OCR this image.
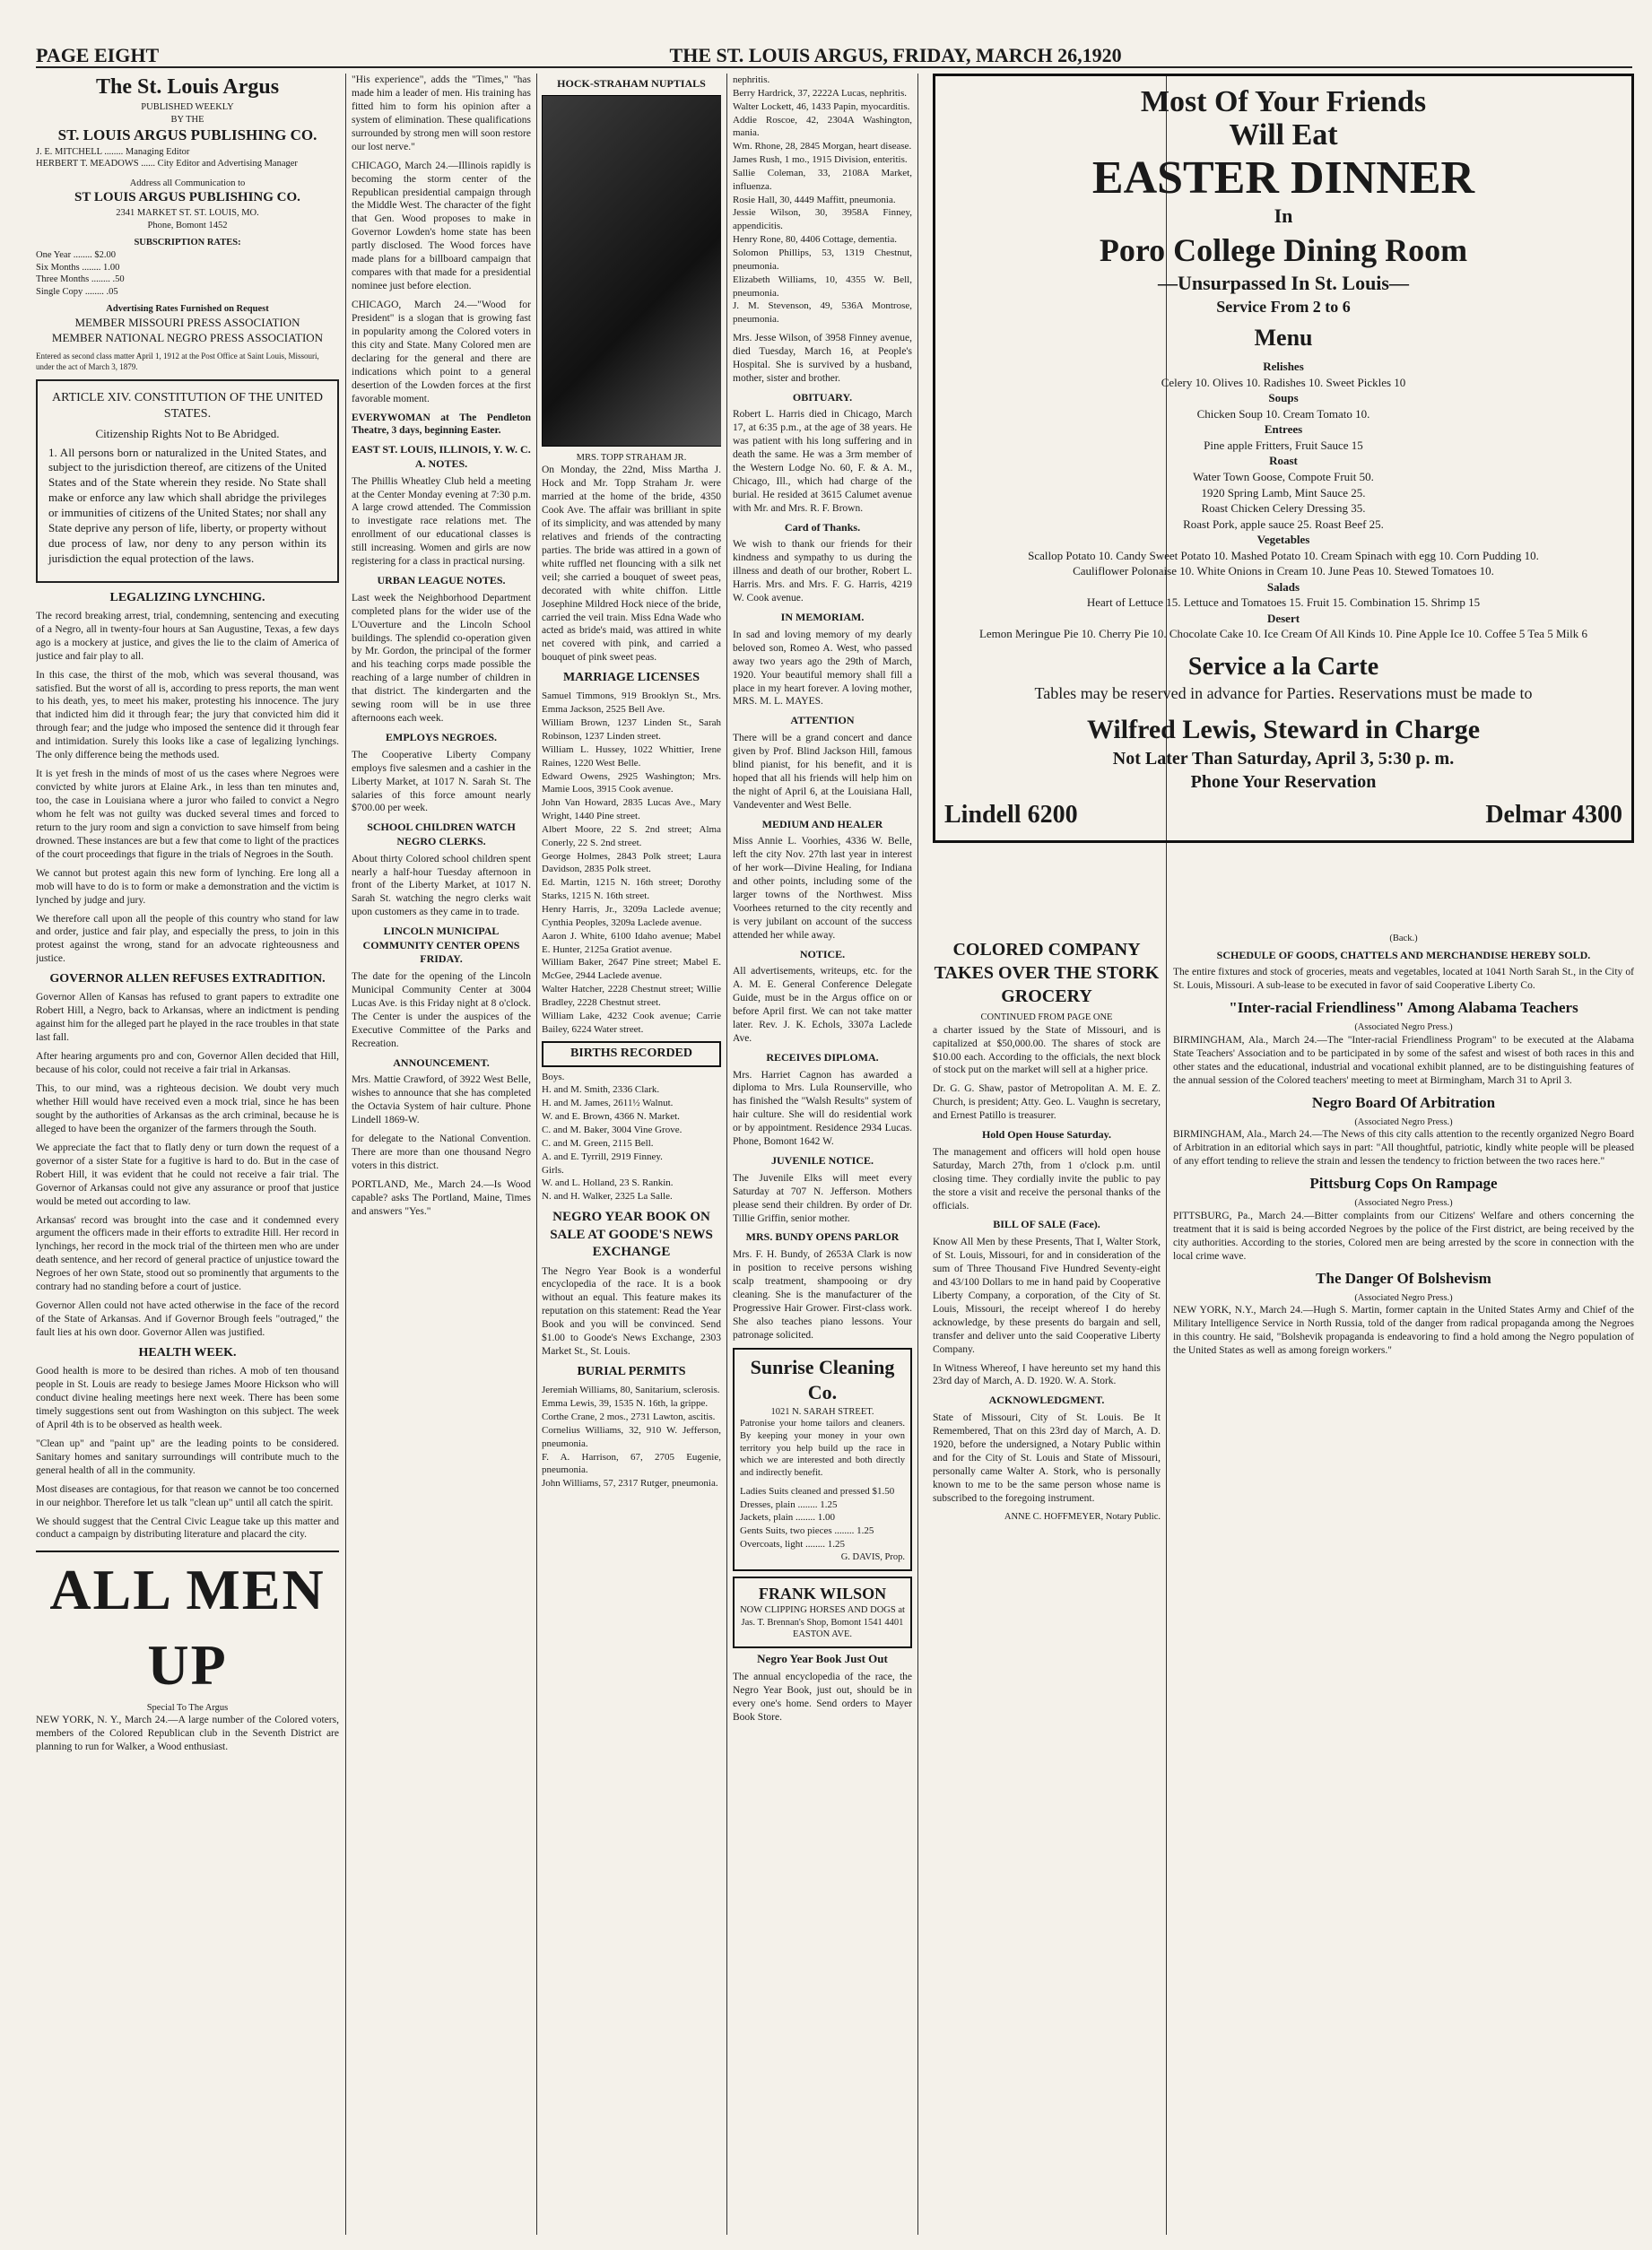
PAGE EIGHT	THE ST. LOUIS ARGUS, FRIDAY, MARCH 26,1920
The St. Louis Argus
PUBLISHED WEEKLY
BY THE
ST. LOUIS ARGUS PUBLISHING CO.
J. E. MITCHELL ........ Managing Editor
HERBERT T. MEADOWS ...... City Editor and Advertising Manager
Address all Communication to
ST LOUIS ARGUS PUBLISHING CO.
2341 MARKET ST. ST. LOUIS, MO.
Phone, Bomont 1452
SUBSCRIPTION RATES:
One Year ........ $2.00
Six Months ........ 1.00
Three Months ........ .50
Single Copy ........ .05
Advertising Rates Furnished on Request
MEMBER MISSOURI PRESS ASSOCIATION
MEMBER NATIONAL NEGRO PRESS ASSOCIATION
Entered as second class matter April 1, 1912 at the Post Office at Saint Louis, Missouri, under the act of March 3, 1879.
ARTICLE XIV. CONSTITUTION OF THE UNITED STATES.
Citizenship Rights Not to Be Abridged.

1. All persons born or naturalized in the United States, and subject to the jurisdiction thereof, are citizens of the United States and of the State wherein they reside. No State shall make or enforce any law which shall abridge the privileges or immunities of citizens of the United States; nor shall any State deprive any person of life, liberty, or property without due process of law, nor deny to any person within its jurisdiction the equal protection of the laws.

LEGALIZING LYNCHING.

The record breaking arrest, trial, condemning, sentencing and executing of a Negro, all in twenty-four hours at San Augustine, Texas, a few days ago is a mockery at justice, and gives the lie to the claim of America of justice and fair play to all.

In this case, the thirst of the mob, which was several thousand, was satisfied. But the worst of all is, according to press reports, the man went to his death, yes, to meet his maker, protesting his innocence. The jury that indicted him did it through fear; the jury that convicted him did it through fear; and the judge who imposed the sentence did it through fear and intimidation. Surely this looks like a case of legalizing lynchings. The only difference being the methods used.

It is yet fresh in the minds of most of us the cases where Negroes were convicted by white jurors at Elaine Ark., in less than ten minutes and, too, the case in Louisiana where a juror who failed to convict a Negro whom he felt was not guilty was ducked several times and forced to return to the jury room and sign a conviction to save himself from being drowned. These instances are but a few that come to light of the practices of the court proceedings that figure in the trials of Negroes in the South.

We cannot but protest again this new form of lynching. Ere long all a mob will have to do is to form or make a demonstration and the victim is lynched by judge and jury.

We therefore call upon all the people of this country who stand for law and order, justice and fair play, and especially the press, to join in this protest against the wrong, stand for an advocate righteousness and justice.

GOVERNOR ALLEN REFUSES EXTRADITION.

Governor Allen of Kansas has refused to grant papers to extradite one Robert Hill, a Negro, back to Arkansas, where an indictment is pending against him for the alleged part he played in the race troubles in that state last fall.

After hearing arguments pro and con, Governor Allen decided that Hill, because of his color, could not receive a fair trial in Arkansas.

This, to our mind, was a righteous decision. We doubt very much whether Hill would have received even a mock trial, since he has been sought by the authorities of Arkansas as the arch criminal, because he is alleged to have been the organizer of the farmers through the South.

We appreciate the fact that to flatly deny or turn down the request of a governor of a sister State for a fugitive is hard to do. But in the case of Robert Hill, it was evident that he could not receive a fair trial. The Governor of Arkansas could not give any assurance or proof that justice would be meted out according to law.

Arkansas' record was brought into the case and it condemned every argument the officers made in their efforts to extradite Hill. Her record in lynchings, her record in the mock trial of the thirteen men who are under death sentence, and her record of general practice of unjustice toward the Negroes of her own State, stood out so prominently that arguments to the contrary had no standing before a court of justice.

Governor Allen could not have acted otherwise in the face of the record of the State of Arkansas. And if Governor Brough feels "outraged," the fault lies at his own door. Governor Allen was justified.

HEALTH WEEK.

Good health is more to be desired than riches. A mob of ten thousand people in St. Louis are ready to besiege James Moore Hickson who will conduct divine healing meetings here next week. There has been some timely suggestions sent out from Washington on this subject. The week of April 4th is to be observed as health week.

"Clean up" and "paint up" are the leading points to be considered. Sanitary homes and sanitary surroundings will contribute much to the general health of all in the community.

Most diseases are contagious, for that reason we cannot be too concerned in our neighbor. Therefore let us talk "clean up" until all catch the spirit.

We should suggest that the Central Civic League take up this matter and conduct a campaign by distributing literature and placard the city.

ALL MEN UP
Special To The Argus

NEW YORK, N. Y., March 24.—A large number of the Colored voters, members of the Colored Republican club in the Seventh District are planning to run for Walker, a Wood enthusiast.

"His experience", adds the "Times," "has made him a leader of men. His training has fitted him to form his opinion after a system of elimination. These qualifications surrounded by strong men will soon restore our lost nerve."

CHICAGO, March 24.—Illinois rapidly is becoming the storm center of the Republican presidential campaign through the Middle West. The character of the fight that Gen. Wood proposes to make in Governor Lowden's home state has been partly disclosed. The Wood forces have made plans for a billboard campaign that compares with that made for a presidential nominee just before election.

CHICAGO, March 24.—"Wood for President" is a slogan that is growing fast in popularity among the Colored voters in this city and State. Many Colored men are declaring for the general and there are indications which point to a general desertion of the Lowden forces at the first favorable moment.

EVERYWOMAN at The Pendleton Theatre, 3 days, beginning Easter.

EAST ST. LOUIS, ILLINOIS, Y. W. C. A. NOTES.

The Phillis Wheatley Club held a meeting at the Center Monday evening at 7:30 p.m. A large crowd attended. The Commission to investigate race relations met. The enrollment of our educational classes is still increasing. Women and girls are now registering for a class in practical nursing.

URBAN LEAGUE NOTES.

Last week the Neighborhood Department completed plans for the wider use of the L'Ouverture and the Lincoln School buildings. The splendid co-operation given by Mr. Gordon, the principal of the former and his teaching corps made possible the reaching of a large number of children in that district. The kindergarten and the sewing room will be in use three afternoons each week.

EMPLOYS NEGROES.

The Cooperative Liberty Company employs five salesmen and a cashier in the Liberty Market, at 1017 N. Sarah St. The salaries of this force amount nearly $700.00 per week.

SCHOOL CHILDREN WATCH NEGRO CLERKS.

About thirty Colored school children spent nearly a half-hour Tuesday afternoon in front of the Liberty Market, at 1017 N. Sarah St. watching the negro clerks wait upon customers as they came in to trade.

LINCOLN MUNICIPAL COMMUNITY CENTER OPENS FRIDAY.

The date for the opening of the Lincoln Municipal Community Center at 3004 Lucas Ave. is this Friday night at 8 o'clock. The Center is under the auspices of the Executive Committee of the Parks and Recreation.

ANNOUNCEMENT.

Mrs. Mattie Crawford, of 3922 West Belle, wishes to announce that she has completed the Octavia System of hair culture. Phone Lindell 1869-W.

for delegate to the National Convention. There are more than one thousand Negro voters in this district.

PORTLAND, Me., March 24.—Is Wood capable? asks The Portland, Maine, Times and answers "Yes."

HOCK-STRAHAM NUPTIALS
MRS. TOPP STRAHAM JR.

On Monday, the 22nd, Miss Martha J. Hock and Mr. Topp Straham Jr. were married at the home of the bride, 4350 Cook Ave. The affair was brilliant in spite of its simplicity, and was attended by many relatives and friends of the contracting parties. The bride was attired in a gown of white ruffled net flouncing with a silk net veil; she carried a bouquet of sweet peas, decorated with white chiffon. Little Josephine Mildred Hock niece of the bride, carried the veil train. Miss Edna Wade who acted as bride's maid, was attired in white net covered with pink, and carried a bouquet of pink sweet peas.

MARRIAGE LICENSES

Samuel Timmons, 919 Brooklyn St., Mrs. Emma Jackson, 2525 Bell Ave.

William Brown, 1237 Linden St., Sarah Robinson, 1237 Linden street.

William L. Hussey, 1022 Whittier, Irene Raines, 1220 West Belle.

Edward Owens, 2925 Washington; Mrs. Mamie Loos, 3915 Cook avenue.

John Van Howard, 2835 Lucas Ave., Mary Wright, 1440 Pine street.

Albert Moore, 22 S. 2nd street; Alma Conerly, 22 S. 2nd street.

George Holmes, 2843 Polk street; Laura Davidson, 2835 Polk street.

Ed. Martin, 1215 N. 16th street; Dorothy Starks, 1215 N. 16th street.

Henry Harris, Jr., 3209a Laclede avenue; Cynthia Peoples, 3209a Laclede avenue.

Aaron J. White, 6100 Idaho avenue; Mabel E. Hunter, 2125a Gratiot avenue.

William Baker, 2647 Pine street; Mabel E. McGee, 2944 Laclede avenue.

Walter Hatcher, 2228 Chestnut street; Willie Bradley, 2228 Chestnut street.

William Lake, 4232 Cook avenue; Carrie Bailey, 6224 Water street.

BIRTHS RECORDED

Boys.

H. and M. Smith, 2336 Clark.

H. and M. James, 2611½ Walnut.

W. and E. Brown, 4366 N. Market.

C. and M. Baker, 3004 Vine Grove.

C. and M. Green, 2115 Bell.

A. and E. Tyrrill, 2919 Finney.

Girls.

W. and L. Holland, 23 S. Rankin.

N. and H. Walker, 2325 La Salle.

NEGRO YEAR BOOK ON SALE AT GOODE'S NEWS EXCHANGE

The Negro Year Book is a wonderful encyclopedia of the race. It is a book without an equal. This feature makes its reputation on this statement: Read the Year Book and you will be convinced. Send $1.00 to Goode's News Exchange, 2303 Market St., St. Louis.

BURIAL PERMITS

Jeremiah Williams, 80, Sanitarium, sclerosis.

Emma Lewis, 39, 1535 N. 16th, la grippe.

Corthe Crane, 2 mos., 2731 Lawton, ascitis.

Cornelius Williams, 32, 910 W. Jefferson, pneumonia.

F. A. Harrison, 67, 2705 Eugenie, pneumonia.

John Williams, 57, 2317 Rutger, pneumonia.

nephritis.

Berry Hardrick, 37, 2222A Lucas, nephritis.

Walter Lockett, 46, 1433 Papin, myocarditis.

Addie Roscoe, 42, 2304A Washington, mania.

Wm. Rhone, 28, 2845 Morgan, heart disease.

James Rush, 1 mo., 1915 Division, enteritis.

Sallie Coleman, 33, 2108A Market, influenza.

Rosie Hall, 30, 4449 Maffitt, pneumonia.

Jessie Wilson, 30, 3958A Finney, appendicitis.

Henry Rone, 80, 4406 Cottage, dementia.

Solomon Phillips, 53, 1319 Chestnut, pneumonia.

Elizabeth Williams, 10, 4355 W. Bell, pneumonia.

J. M. Stevenson, 49, 536A Montrose, pneumonia.

Mrs. Jesse Wilson, of 3958 Finney avenue, died Tuesday, March 16, at People's Hospital. She is survived by a husband, mother, sister and brother.

OBITUARY.

Robert L. Harris died in Chicago, March 17, at 6:35 p.m., at the age of 38 years. He was patient with his long suffering and in death the same. He was a 3rm member of the Western Lodge No. 60, F. & A. M., Chicago, Ill., which had charge of the burial. He resided at 3615 Calumet avenue with Mr. and Mrs. R. F. Brown.

Card of Thanks.

We wish to thank our friends for their kindness and sympathy to us during the illness and death of our brother, Robert L. Harris. Mrs. and Mrs. F. G. Harris, 4219 W. Cook avenue.

IN MEMORIAM.

In sad and loving memory of my dearly beloved son, Romeo A. West, who passed away two years ago the 29th of March, 1920. Your beautiful memory shall fill a place in my heart forever. A loving mother, MRS. M. L. MAYES.

ATTENTION

There will be a grand concert and dance given by Prof. Blind Jackson Hill, famous blind pianist, for his benefit, and it is hoped that all his friends will help him on the night of April 6, at the Louisiana Hall, Vandeventer and West Belle.

MEDIUM AND HEALER

Miss Annie L. Voorhies, 4336 W. Belle, left the city Nov. 27th last year in interest of her work—Divine Healing, for Indiana and other points, including some of the larger towns of the Northwest. Miss Voorhees returned to the city recently and is very jubilant on account of the success attended her while away.

NOTICE.

All advertisements, writeups, etc. for the A. M. E. General Conference Delegate Guide, must be in the Argus office on or before April first. We can not take matter later. Rev. J. K. Echols, 3307a Laclede Ave.

RECEIVES DIPLOMA.

Mrs. Harriet Cagnon has awarded a diploma to Mrs. Lula Rounserville, who has finished the "Walsh Results" system of hair culture. She will do residential work or by appointment. Residence 2934 Lucas. Phone, Bomont 1642 W.

JUVENILE NOTICE.

The Juvenile Elks will meet every Saturday at 707 N. Jefferson. Mothers please send their children. By order of Dr. Tillie Griffin, senior mother.

MRS. BUNDY OPENS PARLOR

Mrs. F. H. Bundy, of 2653A Clark is now in position to receive persons wishing scalp treatment, shampooing or dry cleaning. She is the manufacturer of the Progressive Hair Grower. First-class work. She also teaches piano lessons. Your patronage solicited.

Sunrise Cleaning Co.
1021 N. SARAH STREET.

Patronise your home tailors and cleaners. By keeping your money in your own territory you help build up the race in which we are interested and both directly and indirectly benefit.

Ladies Suits cleaned and pressed $1.50

Dresses, plain ........ 1.25

Jackets, plain ........ 1.00

Gents Suits, two pieces ........ 1.25

Overcoats, light ........ 1.25

G. DAVIS, Prop.
FRANK WILSON
NOW CLIPPING HORSES AND DOGS at Jas. T. Brennan's Shop, Bomont 1541 4401 EASTON AVE.
Negro Year Book Just Out

The annual encyclopedia of the race, the Negro Year Book, just out, should be in every one's home. Send orders to Mayer Book Store.

Most Of Your Friends
Will Eat
EASTER DINNER
In
Poro College Dining Room
—Unsurpassed In St. Louis—
Service From 2 to 6
Menu
Relishes
Celery 10. Olives 10. Radishes 10. Sweet Pickles 10
Soups
Chicken Soup 10. Cream Tomato 10.
Entrees
Pine apple Fritters, Fruit Sauce 15
Roast
Water Town Goose, Compote Fruit 50.
1920 Spring Lamb, Mint Sauce 25.
Roast Chicken Celery Dressing 35.
Roast Pork, apple sauce 25. Roast Beef 25.
Vegetables
Scallop Potato 10. Candy Sweet Potato 10. Mashed Potato 10. Cream Spinach with egg 10. Corn Pudding 10.
Cauliflower Polonaise 10. White Onions in Cream 10. June Peas 10. Stewed Tomatoes 10.
Salads
Heart of Lettuce 15. Lettuce and Tomatoes 15. Fruit 15. Combination 15. Shrimp 15
Desert
Lemon Meringue Pie 10. Cherry Pie 10. Chocolate Cake 10. Ice Cream Of All Kinds 10. Pine Apple Ice 10. Coffee 5 Tea 5 Milk 6
Service a la Carte
Tables may be reserved in advance for Parties. Reservations must be made to
Wilfred Lewis, Steward in Charge
Not Later Than Saturday, April 3, 5:30 p. m.
Phone Your Reservation
Lindell 6200	Delmar 4300
COLORED COMPANY TAKES OVER THE STORK GROCERY
CONTINUED FROM PAGE ONE

a charter issued by the State of Missouri, and is capitalized at $50,000.00. The shares of stock are $10.00 each. According to the officials, the next block of stock put on the market will sell at a higher price.

Dr. G. G. Shaw, pastor of Metropolitan A. M. E. Z. Church, is president; Atty. Geo. L. Vaughn is secretary, and Ernest Patillo is treasurer.

Hold Open House Saturday.

The management and officers will hold open house Saturday, March 27th, from 1 o'clock p.m. until closing time. They cordially invite the public to pay the store a visit and receive the personal thanks of the officials.

BILL OF SALE (Face).

Know All Men by these Presents, That I, Walter Stork, of St. Louis, Missouri, for and in consideration of the sum of Three Thousand Five Hundred Seventy-eight and 43/100 Dollars to me in hand paid by Cooperative Liberty Company, a corporation, of the City of St. Louis, Missouri, the receipt whereof I do hereby acknowledge, by these presents do bargain and sell, transfer and deliver unto the said Cooperative Liberty Company.

In Witness Whereof, I have hereunto set my hand this 23rd day of March, A. D. 1920. W. A. Stork.

ACKNOWLEDGMENT.

State of Missouri, City of St. Louis. Be It Remembered, That on this 23rd day of March, A. D. 1920, before the undersigned, a Notary Public within and for the City of St. Louis and State of Missouri, personally came Walter A. Stork, who is personally known to me to be the same person whose name is subscribed to the foregoing instrument.

ANNE C. HOFFMEYER, Notary Public.

(Back.)
SCHEDULE OF GOODS, CHATTELS AND MERCHANDISE HEREBY SOLD.

The entire fixtures and stock of groceries, meats and vegetables, located at 1041 North Sarah St., in the City of St. Louis, Missouri. A sub-lease to be executed in favor of said Cooperative Liberty Co.

"Inter-racial Friendliness" Among Alabama Teachers
(Associated Negro Press.)

BIRMINGHAM, Ala., March 24.—The "Inter-racial Friendliness Program" to be executed at the Alabama State Teachers' Association and to be participated in by some of the safest and wisest of both races in this and other states and the educational, industrial and vocational exhibit planned, are to be distinguishing features of the annual session of the Colored teachers' meeting to meet at Birmingham, March 31 to April 3.

Negro Board Of Arbitration
(Associated Negro Press.)

BIRMINGHAM, Ala., March 24.—The News of this city calls attention to the recently organized Negro Board of Arbitration in an editorial which says in part: "All thoughtful, patriotic, kindly white people will be pleased of any effort tending to relieve the strain and lessen the tendency to friction between the two races here."

Pittsburg Cops On Rampage
(Associated Negro Press.)

PITTSBURG, Pa., March 24.—Bitter complaints from our Citizens' Welfare and others concerning the treatment that it is said is being accorded Negroes by the police of the First district, are being received by the city authorities. According to the stories, Colored men are being arrested by the score in connection with the local crime wave.

The Danger Of Bolshevism
(Associated Negro Press.)

NEW YORK, N.Y., March 24.—Hugh S. Martin, former captain in the United States Army and Chief of the Military Intelligence Service in North Russia, told of the danger from radical propaganda among the Negroes in this country. He said, "Bolshevik propaganda is endeavoring to find a hold among the Negro population of the United States as well as among foreign workers."
